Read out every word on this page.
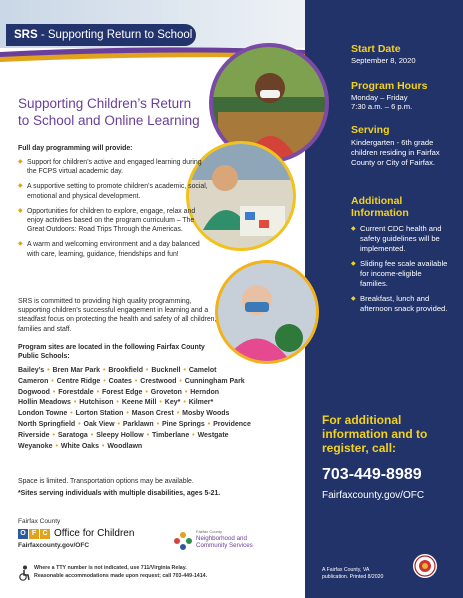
SRS - Supporting Return to School
Start Date
September 8, 2020
Program Hours
Monday – Friday
7:30 a.m. – 6 p.m.
Serving
Kindergarten - 6th grade children residing in Fairfax County or City of Fairfax.
Additional
Information
◆ Current CDC health and safety guidelines will be implemented.
◆ Sliding fee scale available for income-eligible families.
◆ Breakfast, lunch and afternoon snack provided.
For additional
information and to
register, call:
703-449-8989
Fairfaxcounty.gov/OFC
A Fairfax County, VA
publication. Printed 8/2020
Supporting Children’s Return
to School and Online Learning
Full day programming will provide:
◆ Support for children’s active and engaged learning during the FCPS virtual academic day.
◆ A supportive setting to promote children’s academic, social, emotional and physical development.
◆ Opportunities for children to explore, engage, relax and enjoy activities based on the program curriculum – The Great Outdoors: Road Trips Through the Americas.
◆ A warm and welcoming environment and a day balanced with care, learning, guidance, friendships and fun!
SRS is committed to providing high quality programming, supporting children’s successful engagement in learning and a steadfast focus on protecting the health and safety of all children, families and staff.
Program sites are located in the following Fairfax County Public Schools:
Bailey’s • Bren Mar Park • Brookfield • Bucknell • Camelot
Cameron • Centre Ridge • Coates • Crestwood • Cunningham Park
Dogwood • Forestdale • Forest Edge • Groveton • Herndon
Hollin Meadows • Hutchison • Keene Mill • Key* • Kilmer*
London Towne • Lorton Station • Mason Crest • Mosby Woods
North Springfield • Oak View • Parklawn • Pine Springs • Providence
Riverside • Saratoga • Sleepy Hollow • Timberlane • Westgate
Weyanoke • White Oaks • Woodlawn
Space is limited. Transportation options may be available.
*Sites serving individuals with multiple disabilities, ages 5-21.
Fairfax County
O F C Office for Children
Fairfaxcounty.gov/OFC
Fairfax County
Neighborhood and
Community Services
Where a TTY number is not indicated, use 711/Virginia Relay.
Reasonable accommodations made upon request; call 703-449-1414.
